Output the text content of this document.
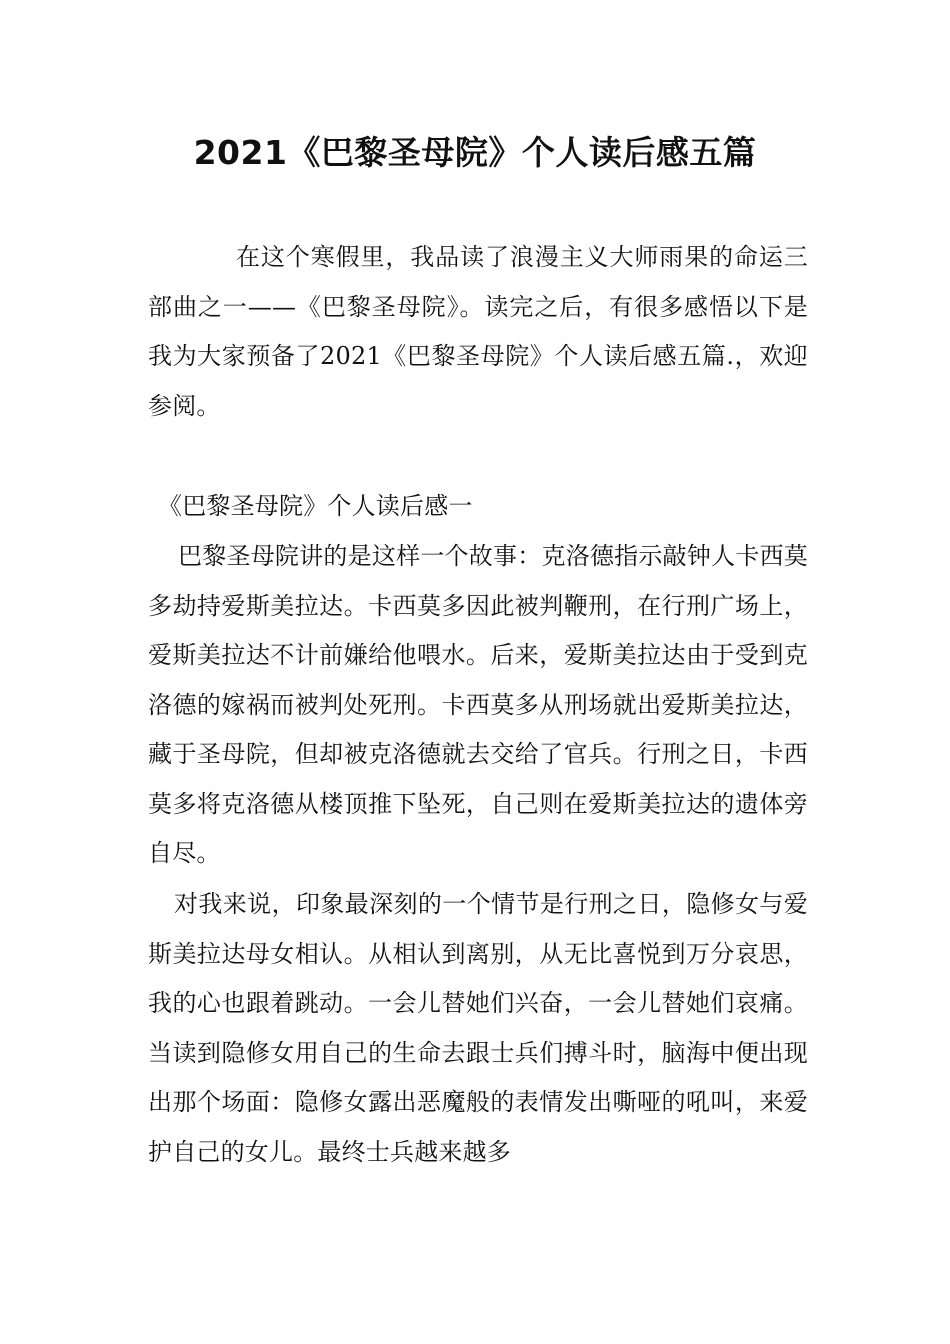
2021《巴黎圣母院》个人读后感五篇

在这个寒假里，我品读了浪漫主义大师雨果的命运三部曲之一——《巴黎圣母院》。读完之后，有很多感悟以下是我为大家预备了2021《巴黎圣母院》个人读后感五篇.，欢迎参阅。

《巴黎圣母院》个人读后感一

巴黎圣母院讲的是这样一个故事：克洛德指示敲钟人卡西莫多劫持爱斯美拉达。卡西莫多因此被判鞭刑，在行刑广场上，爱斯美拉达不计前嫌给他喂水。后来，爱斯美拉达由于受到克洛德的嫁祸而被判处死刑。卡西莫多从刑场就出爱斯美拉达，藏于圣母院，但却被克洛德就去交给了官兵。行刑之日，卡西莫多将克洛德从楼顶推下坠死，自己则在爱斯美拉达的遗体旁自尽。

对我来说，印象最深刻的一个情节是行刑之日，隐修女与爱斯美拉达母女相认。从相认到离别，从无比喜悦到万分哀思，我的心也跟着跳动。一会儿替她们兴奋，一会儿替她们哀痛。当读到隐修女用自己的生命去跟士兵们搏斗时，脑海中便出现出那个场面：隐修女露出恶魔般的表情发出嘶哑的吼叫，来爱护自己的女儿。最终士兵越来越多
